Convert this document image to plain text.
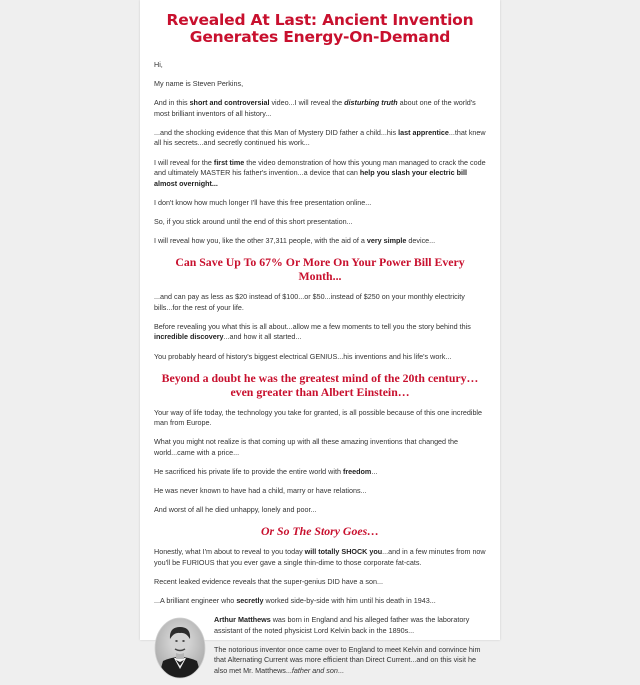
Revealed At Last: Ancient Invention Generates Energy-On-Demand

Hi,

My name is Steven Perkins,

And in this short and controversial video...I will reveal the disturbing truth about one of the world's most brilliant inventors of all history...

...and the shocking evidence that this Man of Mystery DID father a child...his last apprentice...that knew all his secrets...and secretly continued his work...

I will reveal for the first time the video demonstration of how this young man managed to crack the code and ultimately MASTER his father's invention...a device that can help you slash your electric bill almost overnight...

I don't know how much longer I'll have this free presentation online...

So, if you stick around until the end of this short presentation...

I will reveal how you, like the other 37,311 people, with the aid of a very simple device...

Can Save Up To 67% Or More On Your Power Bill Every Month...

...and can pay as less as $20 instead of $100...or $50...instead of $250 on your monthly electricity bills...for the rest of your life.

Before revealing you what this is all about...allow me a few moments to tell you the story behind this incredible discovery...and how it all started...

You probably heard of history's biggest electrical GENIUS...his inventions and his life's work...

Beyond a doubt he was the greatest mind of the 20th century…even greater than Albert Einstein…

Your way of life today, the technology you take for granted, is all possible because of this one incredible man from Europe.

What you might not realize is that coming up with all these amazing inventions that changed the world...came with a price...

He sacrificed his private life to provide the entire world with freedom...

He was never known to have had a child, marry or have relations...

And worst of all he died unhappy, lonely and poor...

Or So The Story Goes…

Honestly, what I'm about to reveal to you today will totally SHOCK you...and in a few minutes from now you'll be FURIOUS that you ever gave a single thin-dime to those corporate fat-cats.

Recent leaked evidence reveals that the super-genius DID have a son...

...A brilliant engineer who secretly worked side-by-side with him until his death in 1943...

Arthur Matthews was born in England and his alleged father was the laboratory assistant of the noted physicist Lord Kelvin back in the 1890s...

The notorious inventor once came over to England to meet Kelvin and convince him that Alternating Current was more efficient than Direct Current...and on this visit he also met Mr. Matthews...father and son...
